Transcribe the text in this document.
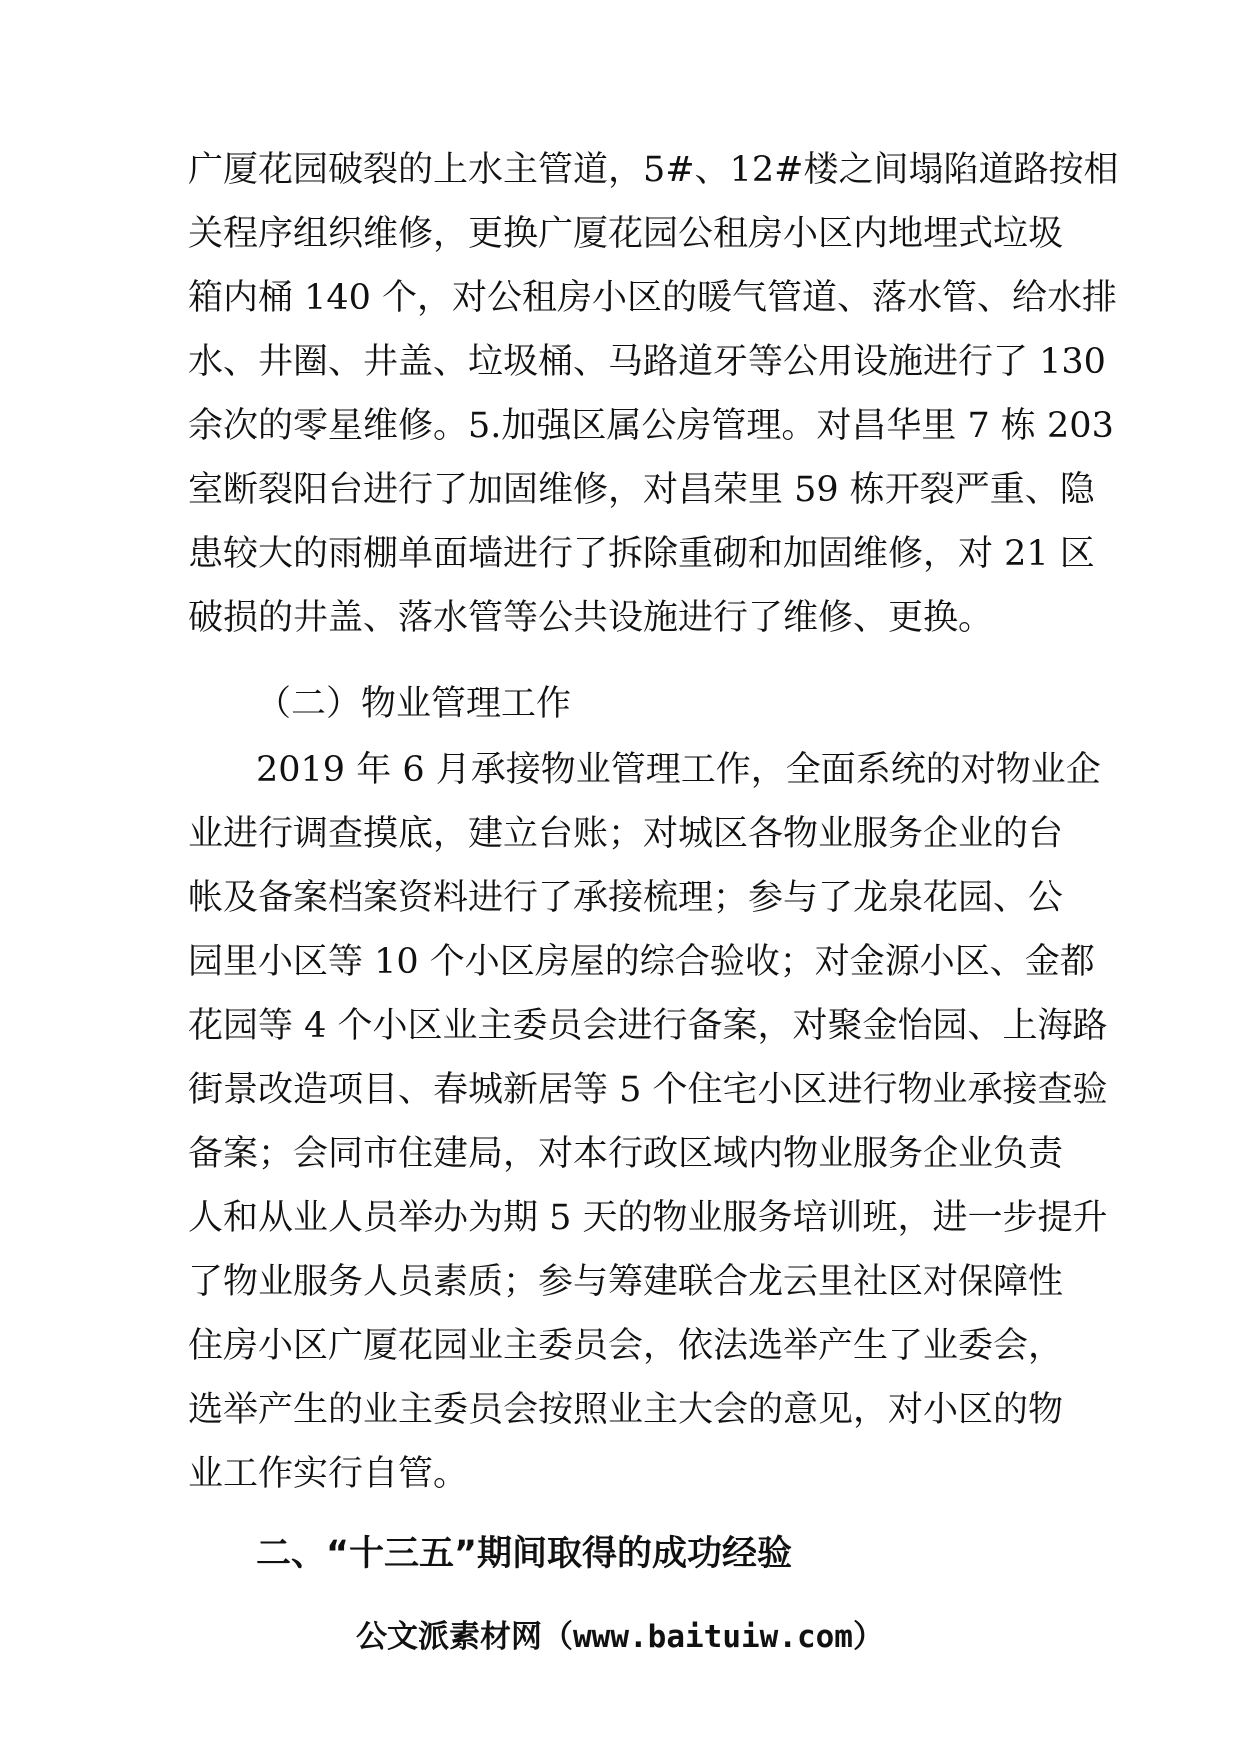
广厦花园破裂的上水主管道，5#、12#楼之间塌陷道路按相
关程序组织维修，更换广厦花园公租房小区内地埋式垃圾
箱内桶 140 个，对公租房小区的暖气管道、落水管、给水排
水、井圈、井盖、垃圾桶、马路道牙等公用设施进行了 130
余次的零星维修。5.加强区属公房管理。对昌华里 7 栋 203
室断裂阳台进行了加固维修，对昌荣里 59 栋开裂严重、隐
患较大的雨棚单面墙进行了拆除重砌和加固维修，对 21 区
破损的井盖、落水管等公共设施进行了维修、更换。
（二）物业管理工作
2019 年 6 月承接物业管理工作，全面系统的对物业企
业进行调查摸底，建立台账；对城区各物业服务企业的台
帐及备案档案资料进行了承接梳理；参与了龙泉花园、公
园里小区等 10 个小区房屋的综合验收；对金源小区、金都
花园等 4 个小区业主委员会进行备案，对聚金怡园、上海路
街景改造项目、春城新居等 5 个住宅小区进行物业承接查验
备案；会同市住建局，对本行政区域内物业服务企业负责
人和从业人员举办为期 5 天的物业服务培训班，进一步提升
了物业服务人员素质；参与筹建联合龙云里社区对保障性
住房小区广厦花园业主委员会，依法选举产生了业委会，
选举产生的业主委员会按照业主大会的意见，对小区的物
业工作实行自管。
二、“十三五”期间取得的成功经验
公文派素材网（www.baituiw.com）
